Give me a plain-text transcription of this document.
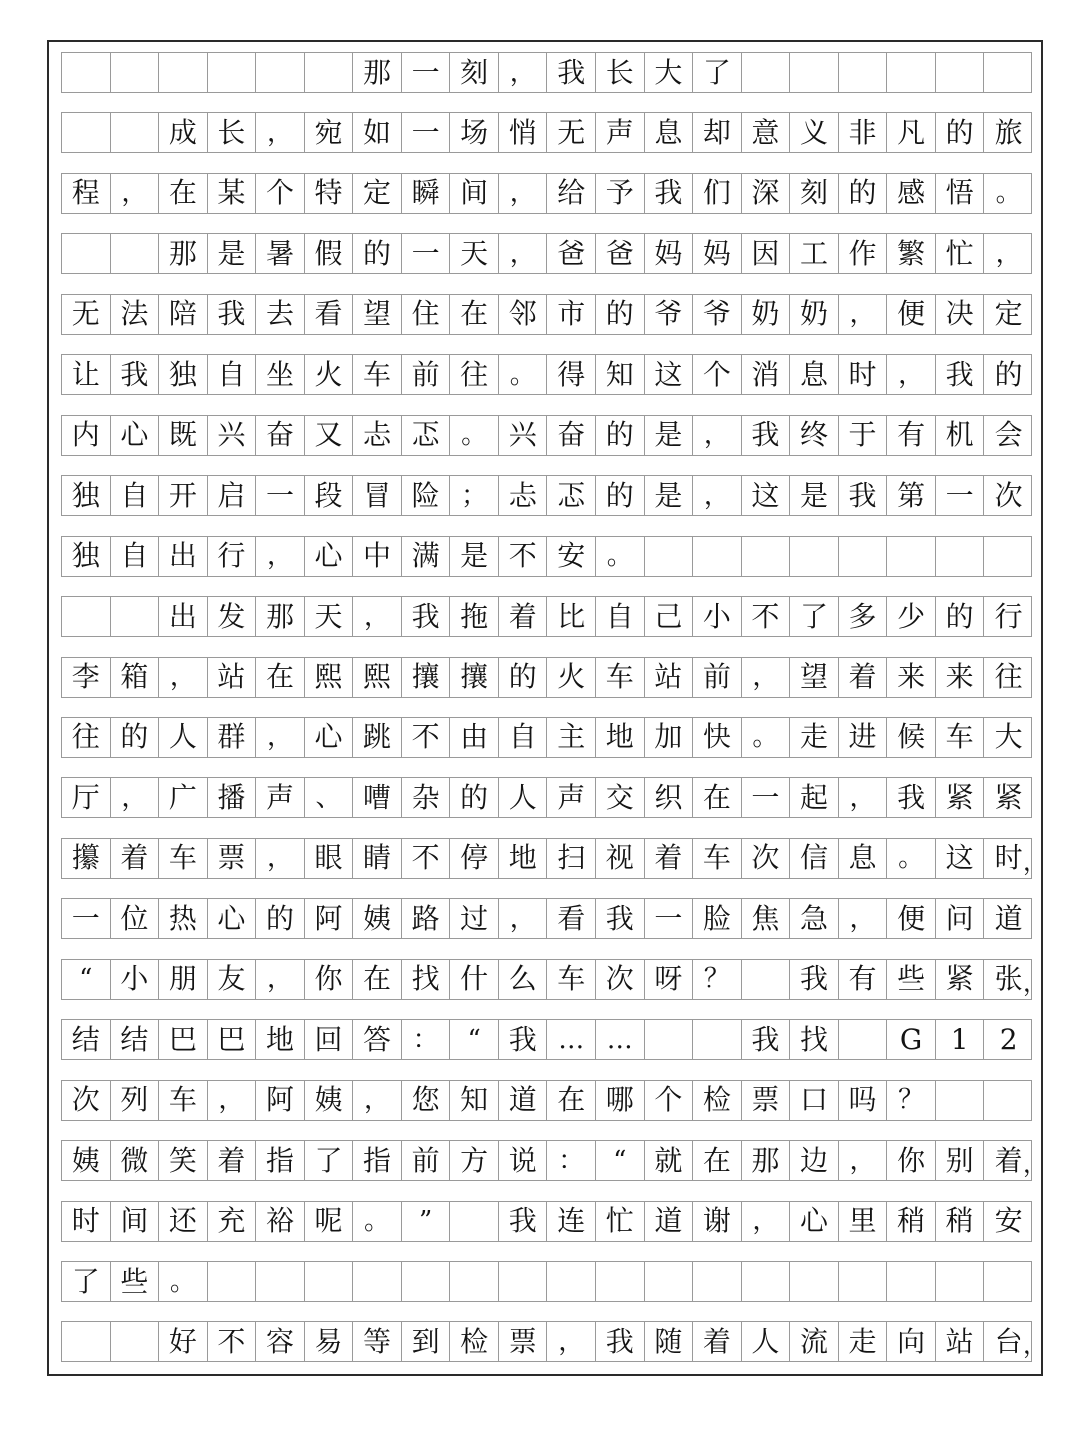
那 一 刻 ， 我 长 大 了
成 长 ， 宛 如 一 场 悄 无 声 息 却 意 义 非 凡 的 旅
程 ， 在 某 个 特 定 瞬 间 ， 给 予 我 们 深 刻 的 感 悟 。
那 是 暑 假 的 一 天 ， 爸 爸 妈 妈 因 工 作 繁 忙 ，
无 法 陪 我 去 看 望 住 在 邻 市 的 爷 爷 奶 奶 ， 便 决 定
让 我 独 自 坐 火 车 前 往 。 得 知 这 个 消 息 时 ， 我 的
内 心 既 兴 奋 又 忐 忑 。 兴 奋 的 是 ， 我 终 于 有 机 会
独 自 开 启 一 段 冒 险 ； 忐 忑 的 是 ， 这 是 我 第 一 次
独 自 出 行 ， 心 中 满 是 不 安 。
出 发 那 天 ， 我 拖 着 比 自 己 小 不 了 多 少 的 行
李 箱 ， 站 在 熙 熙 攘 攘 的 火 车 站 前 ， 望 着 来 来 往
往 的 人 群 ， 心 跳 不 由 自 主 地 加 快 。 走 进 候 车 大
厅 ， 广 播 声 、 嘈 杂 的 人 声 交 织 在 一 起 ， 我 紧 紧
攥 着 车 票 ， 眼 睛 不 停 地 扫 视 着 车 次 信 息 。 这 时
一 位 热 心 的 阿 姨 路 过 ， 看 我 一 脸 焦 急 ， 便 问 道
“ 小 朋 友 ， 你 在 找 什 么 车 次 呀 ？	我 有 些 紧 张
结 结 巴 巴 地 回 答 ：	“ 我 … …	我 找	G	1	2
次 列 车 ， 阿 姨 ， 您 知 道 在 哪 个 检 票 口 吗 ？
姨 微 笑 着 指 了 指 前 方 说 ：	“ 就 在 那 边 ， 你 别 着
时 间 还 充 裕 呢 。	”	我 连 忙 道 谢 ， 心 里 稍 稍 安
了 些 。
好 不 容 易 等 到 检 票 ， 我 随 着 人 流 走 向 站 台
，
，
，
，
